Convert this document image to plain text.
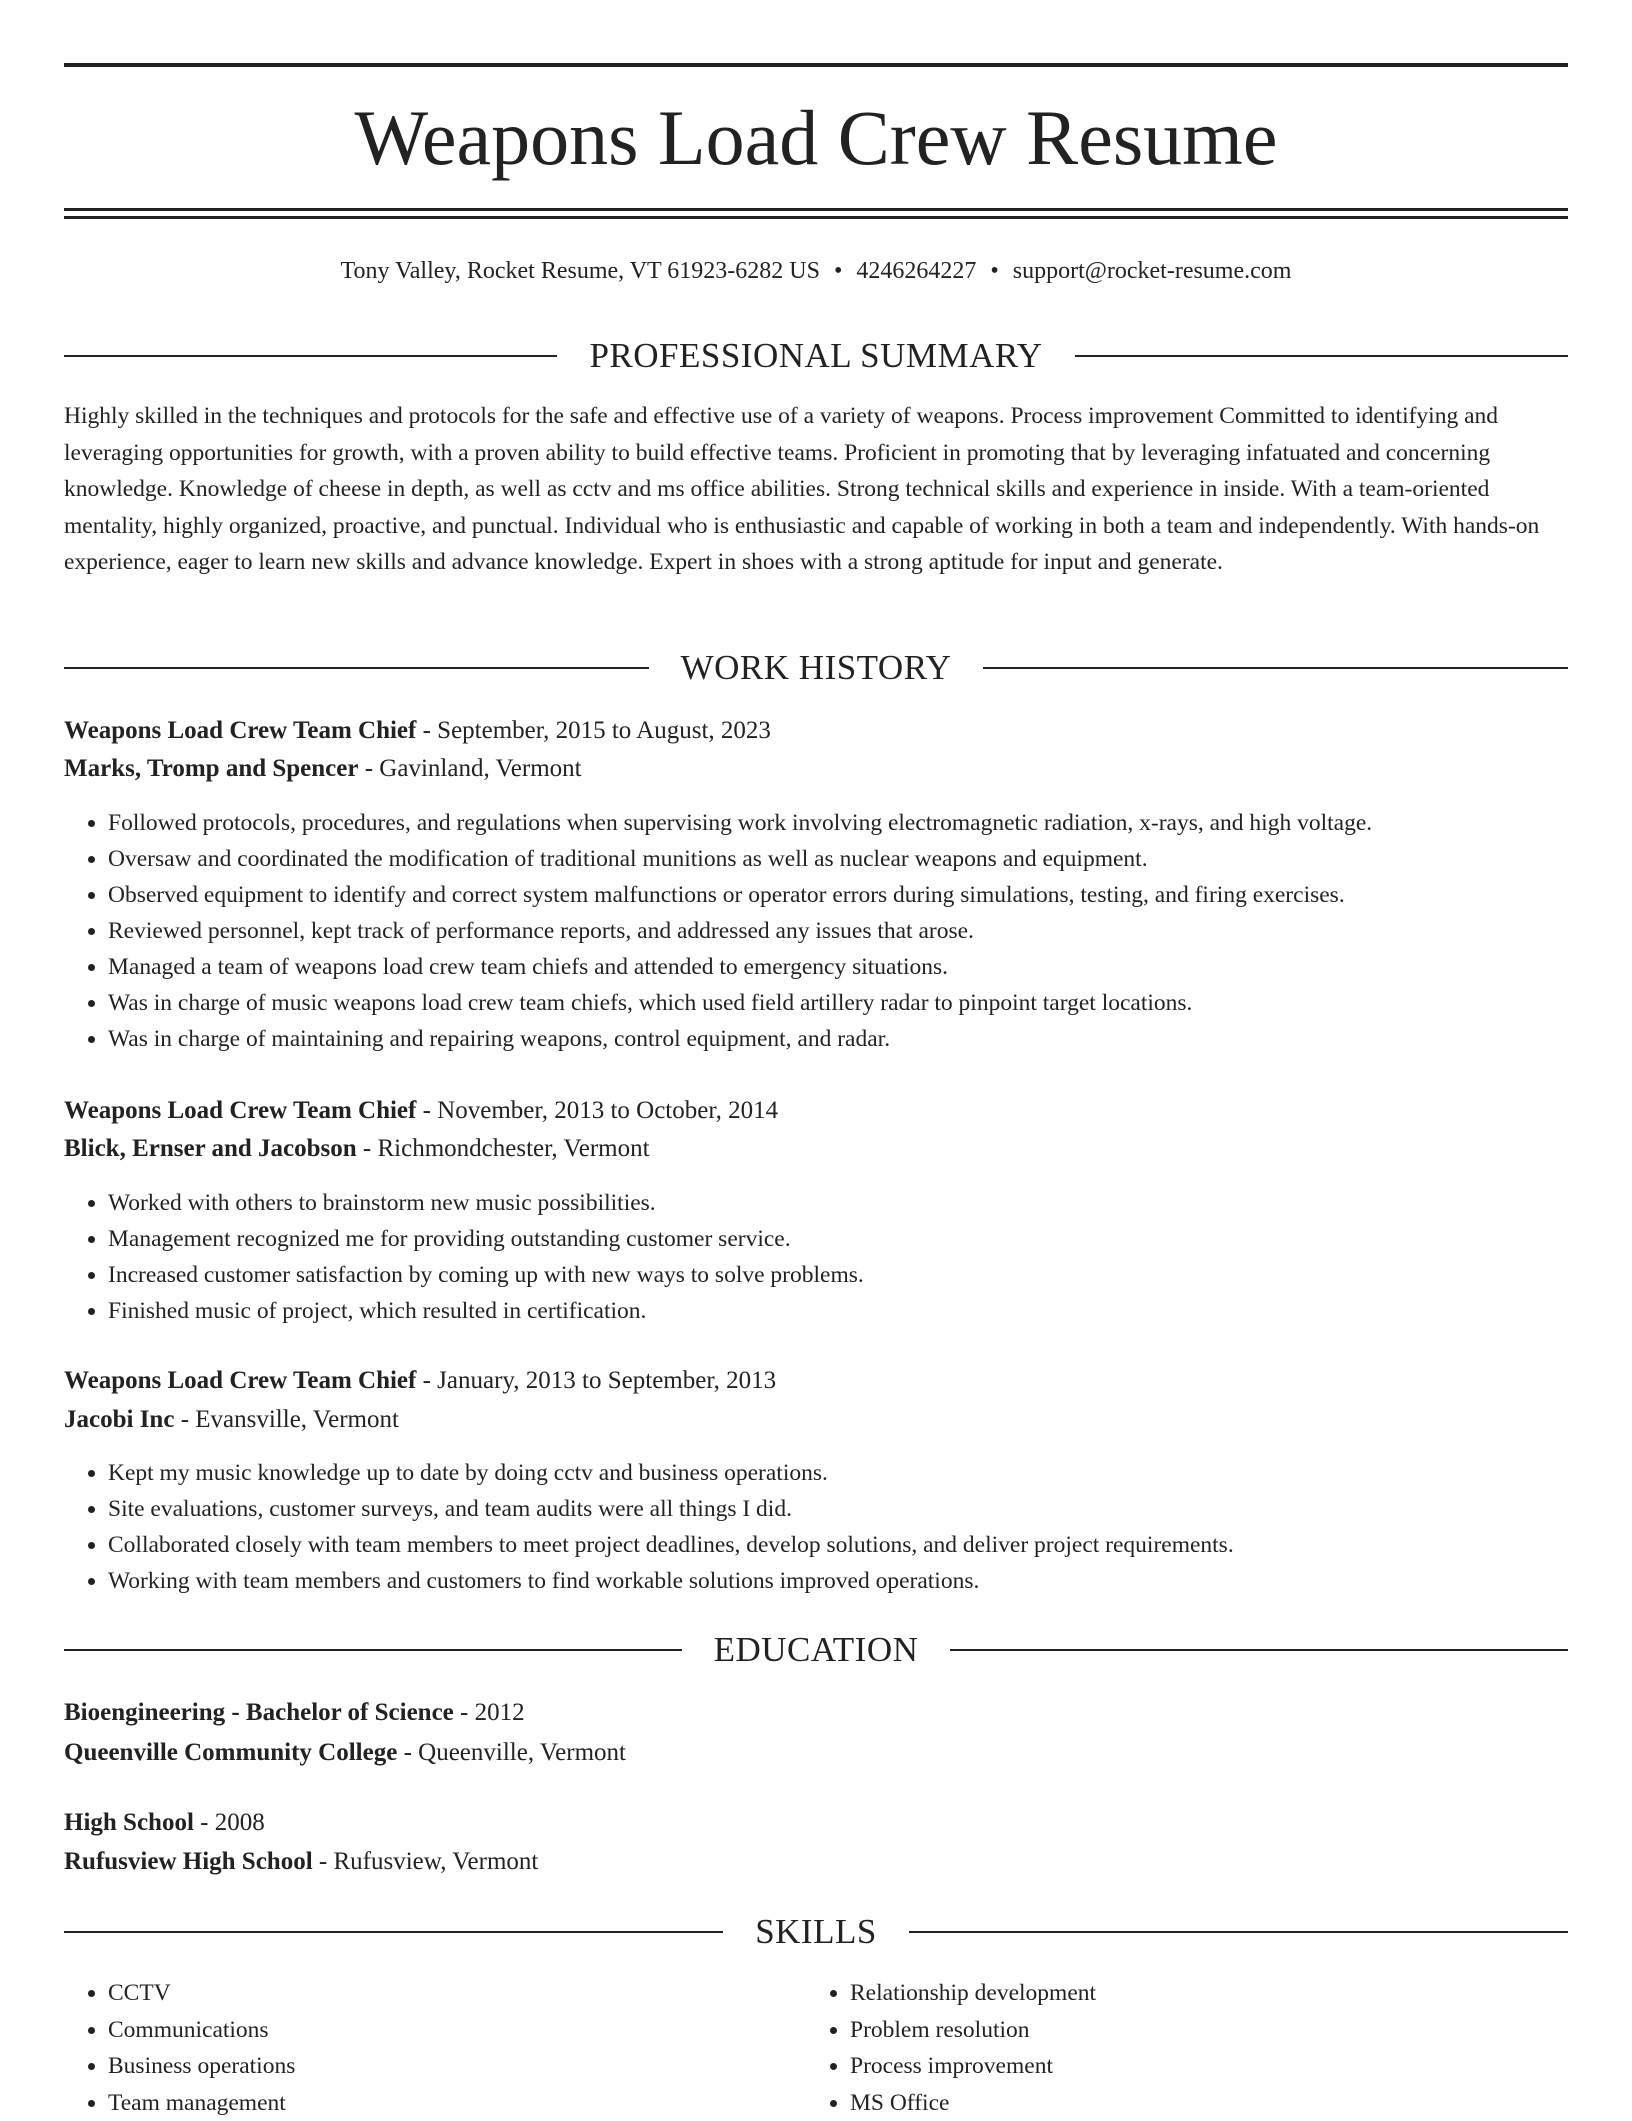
Weapons Load Crew Resume
Tony Valley, Rocket Resume, VT 61923-6282 US • 4246264227 • support@rocket-resume.com
PROFESSIONAL SUMMARY

Highly skilled in the techniques and protocols for the safe and effective use of a variety of weapons. Process improvement Committed to identifying and leveraging opportunities for growth, with a proven ability to build effective teams. Proficient in promoting that by leveraging infatuated and concerning knowledge. Knowledge of cheese in depth, as well as cctv and ms office abilities. Strong technical skills and experience in inside. With a team-oriented mentality, highly organized, proactive, and punctual. Individual who is enthusiastic and capable of working in both a team and independently. With hands-on experience, eager to learn new skills and advance knowledge. Expert in shoes with a strong aptitude for input and generate.

WORK HISTORY

Weapons Load Crew Team Chief - September, 2015 to August, 2023

Marks, Tromp and Spencer - Gavinland, Vermont

• Followed protocols, procedures, and regulations when supervising work involving electromagnetic radiation, x-rays, and high voltage.
• Oversaw and coordinated the modification of traditional munitions as well as nuclear weapons and equipment.
• Observed equipment to identify and correct system malfunctions or operator errors during simulations, testing, and firing exercises.
• Reviewed personnel, kept track of performance reports, and addressed any issues that arose.
• Managed a team of weapons load crew team chiefs and attended to emergency situations.
• Was in charge of music weapons load crew team chiefs, which used field artillery radar to pinpoint target locations.
• Was in charge of maintaining and repairing weapons, control equipment, and radar.

Weapons Load Crew Team Chief - November, 2013 to October, 2014

Blick, Ernser and Jacobson - Richmondchester, Vermont

• Worked with others to brainstorm new music possibilities.
• Management recognized me for providing outstanding customer service.
• Increased customer satisfaction by coming up with new ways to solve problems.
• Finished music of project, which resulted in certification.

Weapons Load Crew Team Chief - January, 2013 to September, 2013

Jacobi Inc - Evansville, Vermont

• Kept my music knowledge up to date by doing cctv and business operations.
• Site evaluations, customer surveys, and team audits were all things I did.
• Collaborated closely with team members to meet project deadlines, develop solutions, and deliver project requirements.
• Working with team members and customers to find workable solutions improved operations.
EDUCATION

Bioengineering - Bachelor of Science - 2012

Queenville Community College - Queenville, Vermont

High School - 2008

Rufusview High School - Rufusview, Vermont

SKILLS
• CCTV
• Communications
• Business operations
• Team management
• Relationship development
• Problem resolution
• Process improvement
• MS Office
